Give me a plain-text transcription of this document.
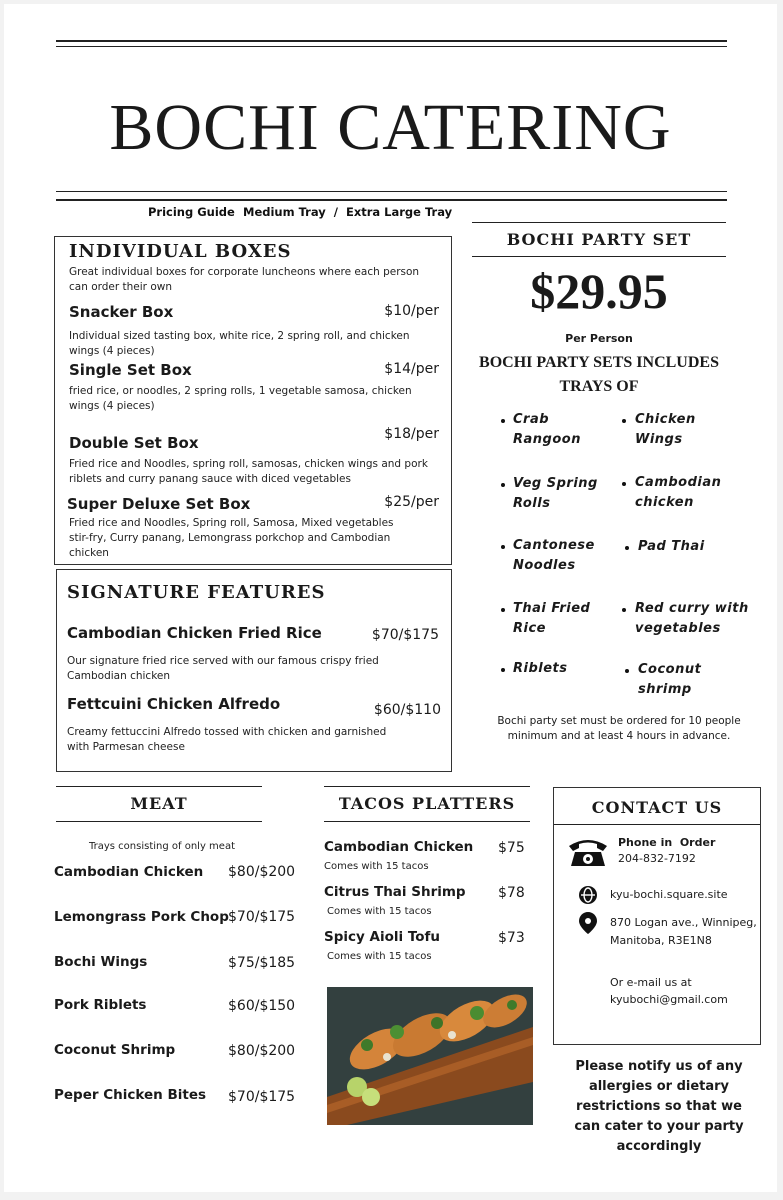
BOCHI CATERING
Pricing Guide Medium Tray  /  Extra Large Tray
INDIVIDUAL BOXES
Great individual boxes for corporate luncheons where each person can order their own
Snacker Box	$10/per
Individual sized tasting box, white rice, 2 spring roll, and chicken wings (4 pieces)
Single Set Box	$14/per
fried rice, or noodles, 2 spring rolls, 1 vegetable samosa, chicken wings (4 pieces)
Double Set Box	$18/per
Fried rice and Noodles, spring roll, samosas, chicken wings and pork riblets and curry panang sauce with diced vegetables
Super Deluxe Set Box	$25/per
Fried rice and Noodles, Spring roll, Samosa, Mixed vegetables stir-fry, Curry panang, Lemongrass porkchop and Cambodian chicken
SIGNATURE FEATURES
Cambodian Chicken Fried Rice	$70/$175
Our signature fried rice served with our famous crispy fried Cambodian chicken
Fettcuini Chicken Alfredo	$60/$110
Creamy fettuccini Alfredo tossed with chicken and garnished with Parmesan cheese
BOCHI PARTY SET
$29.95
Per Person
BOCHI PARTY SETS INCLUDES
TRAYS OF
Crab Rangoon
Veg Spring Rolls
Cantonese Noodles
Thai Fried Rice
Riblets
Chicken Wings
Cambodian chicken
Pad Thai
Red curry with vegetables
Coconut shrimp
Bochi party set must be ordered for 10 people minimum and at least 4 hours in advance.
MEAT
Trays consisting of only meat
Cambodian Chicken $80/$200
Lemongrass Pork Chop $70/$175
Bochi Wings	$75/$185
Pork Riblets	$60/$150
Coconut Shrimp	$80/$200
Peper Chicken Bites $70/$175
TACOS PLATTERS
Cambodian Chicken $75
Comes with 15 tacos
Citrus Thai Shrimp $78
Comes with 15 tacos
Spicy Aioli Tofu	$73
Comes with 15 tacos
CONTACT US
Phone in  Order
204-832-7192
kyu-bochi.square.site
870 Logan ave., Winnipeg,
Manitoba, R3E1N8
Or e-mail us at
kyubochi@gmail.com
Please notify us of any allergies or dietary restrictions so that we can cater to your party accordingly
